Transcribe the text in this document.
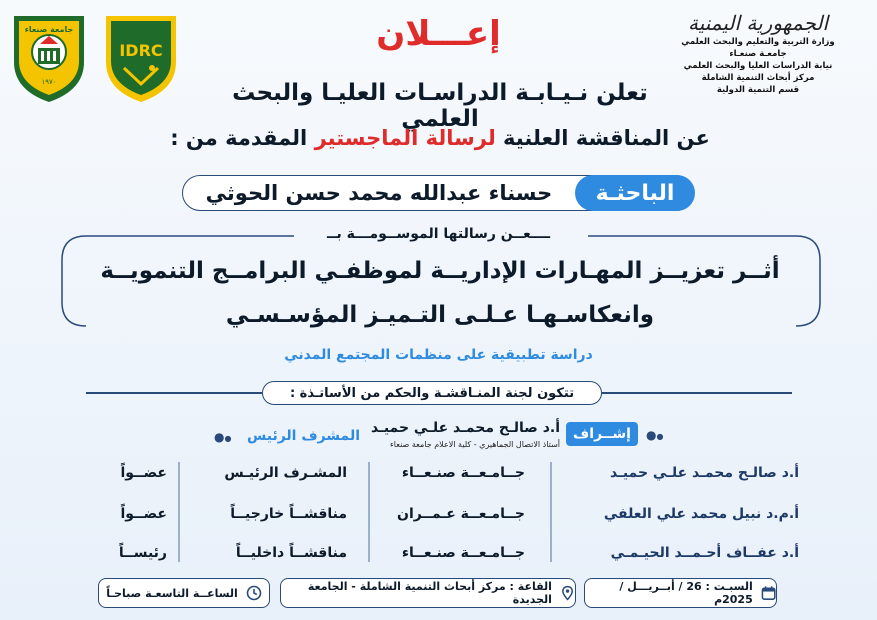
جامعة صنعاء
١٩٧٠
IDRC
الجمهورية اليمنية
وزارة التربية والتعليم والبحث العلمي
جامعـة صنعـاء
نيابة الدراسات العليا والبحث العلمي
مركز أبحاث التنمية الشاملة
قسم التنمية الدولية
إعـــلان
تعلن نـيـابـة الدراسـات العليـا والبحث العلمي
عن المناقشة العلنية لرسالة الماجستير المقدمة من :
الباحثـة
حسناء عبدالله محمد حسن الحوثي
ــــعــن رسالتها الموســومـــة بــ
أثــر تعزيــز المهـارات الإداريــة لموظفـي البرامــج التنمويــة
وانعكاسـهـا عـلـى التـميـز المؤسـسـي
دراسة تطبيقية على منظمات المجتمع المدني
تتكون لجنة المنـاقشـة والحكم من الأساتـذة :
●●
إشــراف
أ.د صالـح محمـد علـي حميـد
أستاذ الاتصال الجماهيري - كلية الاعلام جامعة صنعاء
المشرف الرئيس
●●
أ.د صالـح محمـد علـي حميـد
جــامـعــة صنـعــاء
المشـرف الرئيـس
عضــواً
أ.م.د نبيل محمد علي العلفي
جــامـعــة عـمــران
مناقشــاً خارجيــاً
عضــواً
أ.د عفــاف أحـمــد الحيـمـي
جــامـعــة صنـعــاء
مناقشــاً داخليــاً
رئيســاً
السبـت : 26 / أبــريـــل / 2025م
القاعة : مركز أبحاث التنمية الشاملة - الجامعة الجديدة
الساعــة التاسعـة صباحـاً
